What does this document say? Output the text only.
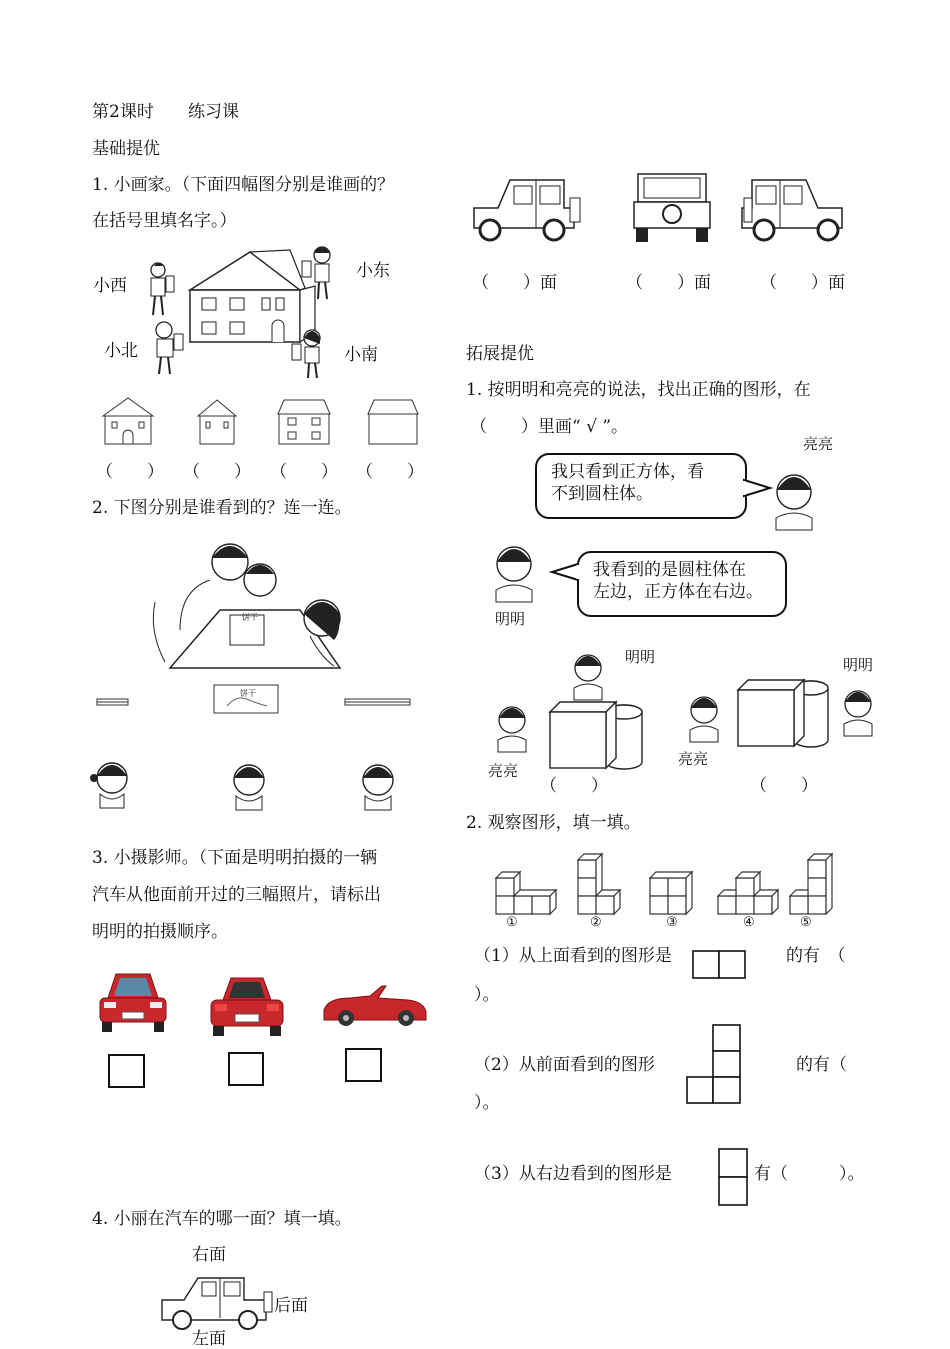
第2课时 练习课
基础提优
1. 小画家。（下面四幅图分别是谁画的？
在括号里填名字。）
小西
小东
小北	小南
（　　） （　　） （　　） （　　）
2. 下图分别是谁看到的？连一连。
饼干
饼干
3. 小摄影师。（下面是明明拍摄的一辆
汽车从他面前开过的三幅照片，请标出
明明的拍摄顺序。
4. 小丽在汽车的哪一面？填一填。
右面
后面
左面
（　　）面	（　　）面	（　　）面
拓展提优
1. 按明明和亮亮的说法，找出正确的图形，在
（　　）里画“ √ ”。
亮亮
我只看到正方体，看
不到圆柱体。
明明
我看到的是圆柱体在
左边，正方体在右边。
明明
亮亮
（　　）
明明
亮亮
（　　）
2. 观察图形，填一填。
①	②	③	④	⑤
（1）从上面看到的图形是	的有　（
）。
（2）从前面看到的图形	的有（
）。
（3）从右边看到的图形是	有（　　　）。
